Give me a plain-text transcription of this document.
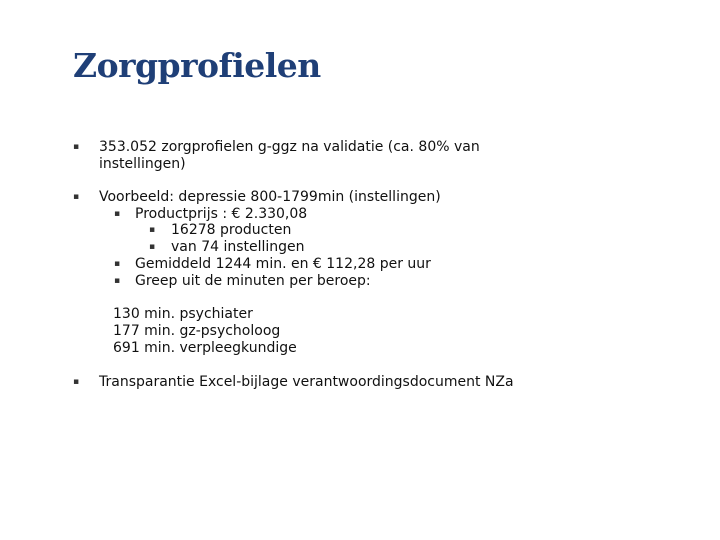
Zorgprofielen
▪
353.052 zorgprofielen g-ggz na validatie (ca. 80% van
instellingen)
▪
Voorbeeld: depressie 800-1799min (instellingen)
▪
Productprijs : € 2.330,08
▪
16278 producten
▪
van 74 instellingen
▪
Gemiddeld 1244 min. en € 112,28 per uur
▪
Greep uit de minuten per beroep:
130 min. psychiater
177 min. gz-psycholoog
691 min. verpleegkundige
▪
Transparantie Excel-bijlage verantwoordingsdocument NZa
